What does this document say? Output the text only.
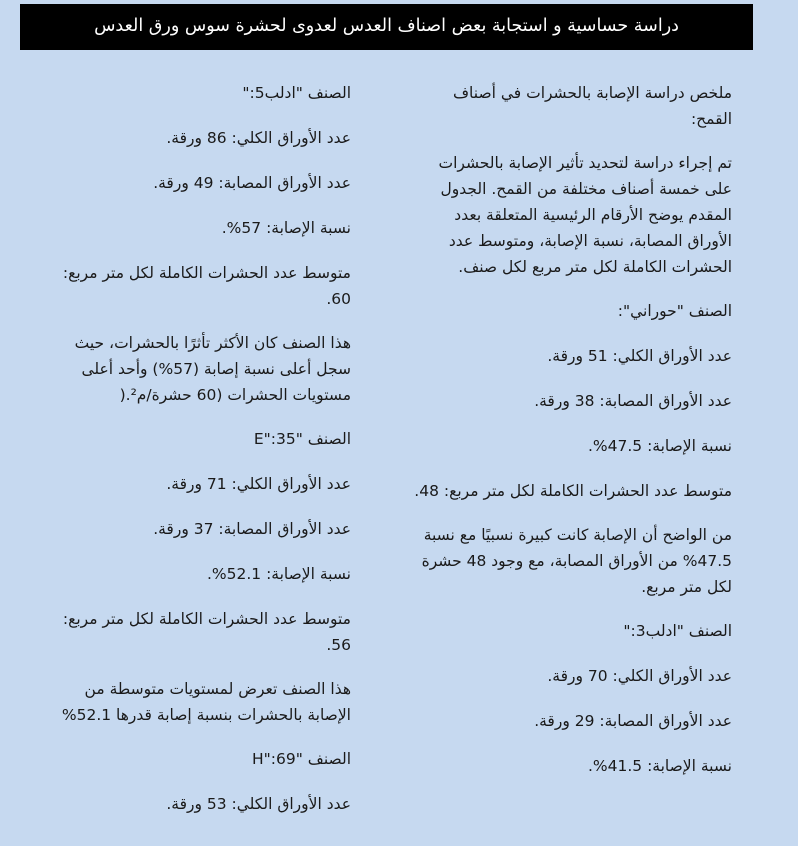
دراسة حساسية و استجابة بعض اصناف العدس لعدوى لحشرة سوس ورق العدس

ملخص دراسة الإصابة بالحشرات في أصناف القمح:

تم إجراء دراسة لتحديد تأثير الإصابة بالحشرات على خمسة أصناف مختلفة من القمح. الجدول المقدم يوضح الأرقام الرئيسية المتعلقة بعدد الأوراق المصابة، نسبة الإصابة، ومتوسط عدد الحشرات الكاملة لكل متر مربع لكل صنف.

الصنف "حوراني":

عدد الأوراق الكلي: 51 ورقة.

عدد الأوراق المصابة: 38 ورقة.

نسبة الإصابة: 47.5%.

متوسط عدد الحشرات الكاملة لكل متر مربع: 48.

من الواضح أن الإصابة كانت كبيرة نسبيًا مع نسبة 47.5% من الأوراق المصابة، مع وجود 48 حشرة لكل متر مربع.

الصنف "ادلب3:"

عدد الأوراق الكلي: 70 ورقة.

عدد الأوراق المصابة: 29 ورقة.

نسبة الإصابة: 41.5%.

الصنف "ادلب5:"

عدد الأوراق الكلي: 86 ورقة.

عدد الأوراق المصابة: 49 ورقة.

نسبة الإصابة: 57%.

متوسط عدد الحشرات الكاملة لكل متر مربع: 60.

هذا الصنف كان الأكثر تأثرًا بالحشرات، حيث سجل أعلى نسبة إصابة (57%) وأحد أعلى مستويات الحشرات (60 حشرة/م².(

الصنف "E":35

عدد الأوراق الكلي: 71 ورقة.

عدد الأوراق المصابة: 37 ورقة.

نسبة الإصابة: 52.1%.

متوسط عدد الحشرات الكاملة لكل متر مربع: 56.

هذا الصنف تعرض لمستويات متوسطة من الإصابة بالحشرات بنسبة إصابة قدرها 52.1%

الصنف "H":69

عدد الأوراق الكلي: 53 ورقة.
